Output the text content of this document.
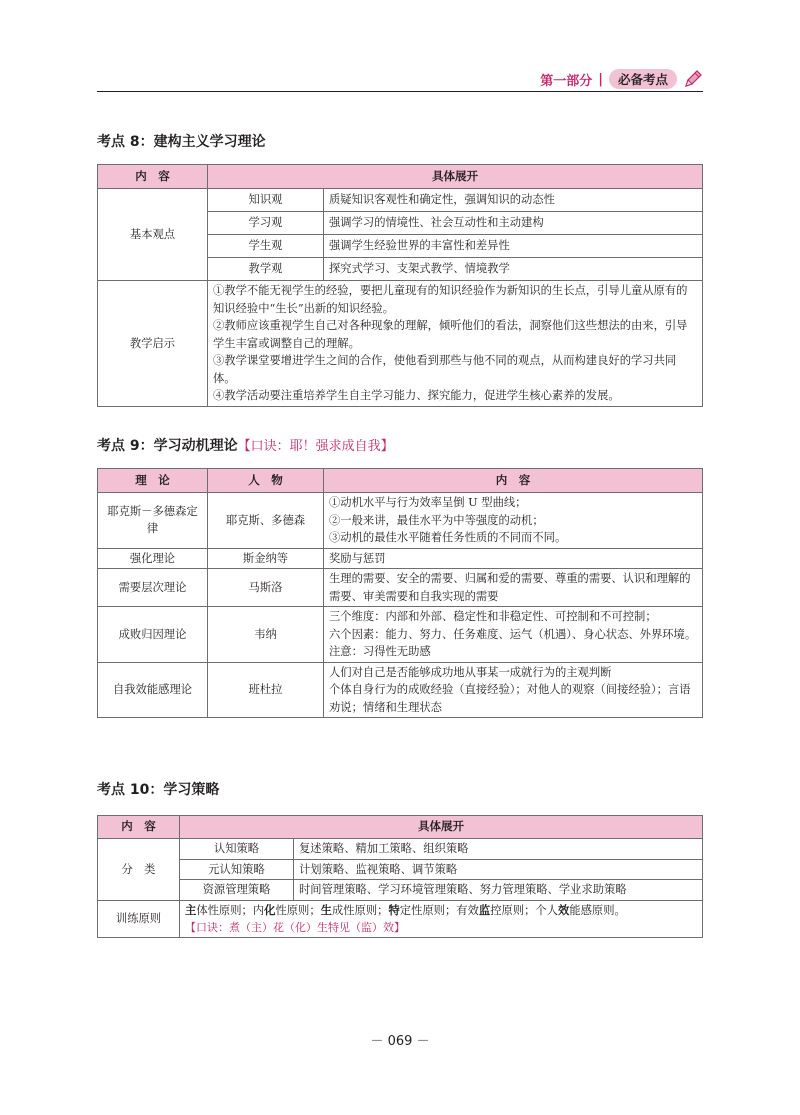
第一部分 |	必备考点
考点 8：建构主义学习理论
内　容	具体展开	
基本观点	知识观	质疑知识客观性和确定性，强调知识的动态性
	学习观	强调学习的情境性、社会互动性和主动建构
	学生观	强调学生经验世界的丰富性和差异性
	教学观	探究式学习、支架式教学、情境教学
教学启示	①教学不能无视学生的经验，要把儿童现有的知识经验作为新知识的生长点，引导儿童从原有的知识经验中“生长”出新的知识经验。
②教师应该重视学生自己对各种现象的理解，倾听他们的看法，洞察他们这些想法的由来，引导学生丰富或调整自己的理解。
③教学课堂要增进学生之间的合作，使他看到那些与他不同的观点，从而构建良好的学习共同体。
④教学活动要注重培养学生自主学习能力、探究能力，促进学生核心素养的发展。	
考点 9：学习动机理论【口诀：耶！强求成自我】
理　论	人　物	内　容
耶克斯－多德森定律	耶克斯、多德森	①动机水平与行为效率呈倒 U 型曲线；
②一般来讲，最佳水平为中等强度的动机；
③动机的最佳水平随着任务性质的不同而不同。

强化理论	斯金纳等	奖励与惩罚
需要层次理论	马斯洛	生理的需要、安全的需要、归属和爱的需要、尊重的需要、认识和理解的需要、审美需要和自我实现的需要
成败归因理论	韦纳	三个维度：内部和外部、稳定性和非稳定性、可控制和不可控制；
六个因素：能力、努力、任务难度、运气（机遇）、身心状态、外界环境。
注意：习得性无助感

自我效能感理论	班杜拉	人们对自己是否能够成功地从事某一成就行为的主观判断
个体自身行为的成败经验（直接经验）；对他人的观察（间接经验）；言语劝说；情绪和生理状态
考点 10：学习策略
内　容	具体展开	
分　类	认知策略	复述策略、精加工策略、组织策略
	元认知策略	计划策略、监视策略、调节策略
	资源管理策略	时间管理策略、学习环境管理策略、努力管理策略、学业求助策略
训练原则	主体性原则；内化性原则；生成性原则；特定性原则；有效监控原则；个人效能感原则。
【口诀：煮（主）花（化）生特见（监）效】	
－ 069 －
